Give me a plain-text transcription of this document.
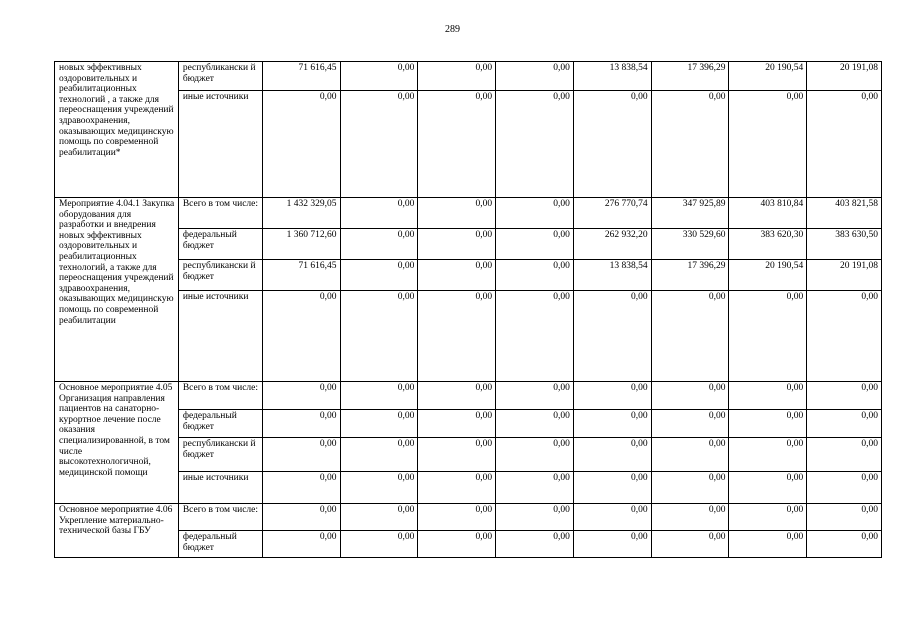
289
новых эффективных оздоровительных и реабилитационных технологий , а также для переоснащения учреждений здравоохранения, оказывающих медицинскую помощь по современной реабилитации*	республикански й бюджет	71 616,45	0,00	0,00	0,00	13 838,54	17 396,29	20 190,54	20 191,08
	иные источники	0,00	0,00	0,00	0,00	0,00	0,00	0,00	0,00
Мероприятие 4.04.1 Закупка оборудования для разработки и внедрения новых эффективных оздоровительных и реабилитационных технологий, а также для переоснащения учреждений здравоохранения, оказывающих медицинскую помощь по современной реабилитации	Всего в том числе:	1 432 329,05	0,00	0,00	0,00	276 770,74	347 925,89	403 810,84	403 821,58
	федеральный бюджет	1 360 712,60	0,00	0,00	0,00	262 932,20	330 529,60	383 620,30	383 630,50
	республикански й бюджет	71 616,45	0,00	0,00	0,00	13 838,54	17 396,29	20 190,54	20 191,08
	иные источники	0,00	0,00	0,00	0,00	0,00	0,00	0,00	0,00
Основное мероприятие 4.05 Организация направления пациентов на санаторно-курортное лечение после оказания специализированной, в том числе высокотехнологичной, медицинской помощи	Всего в том числе:	0,00	0,00	0,00	0,00	0,00	0,00	0,00	0,00
	федеральный бюджет	0,00	0,00	0,00	0,00	0,00	0,00	0,00	0,00
	республикански й бюджет	0,00	0,00	0,00	0,00	0,00	0,00	0,00	0,00
	иные источники	0,00	0,00	0,00	0,00	0,00	0,00	0,00	0,00
Основное мероприятие 4.06 Укрепление материально-технической базы ГБУ	Всего в том числе:	0,00	0,00	0,00	0,00	0,00	0,00	0,00	0,00
	федеральный бюджет	0,00	0,00	0,00	0,00	0,00	0,00	0,00	0,00
